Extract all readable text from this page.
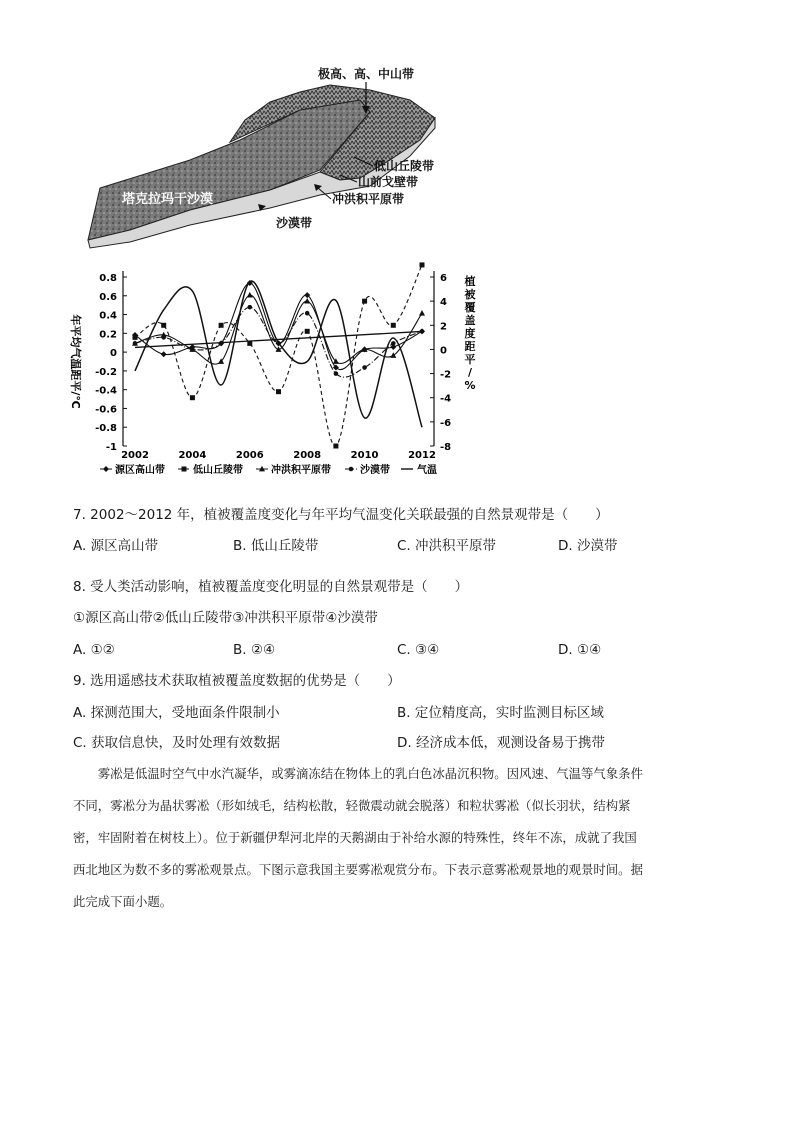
塔克拉玛干沙漠
极高、高、中山带
低山丘陵带
山前戈壁带
冲洪积平原带
沙漠带
0.8
0.6
0.4
0.2
0
-0.2
-0.4
-0.6
-0.8
-1
6
4
2
0
-2
-4
-6
-8
2002	2004	2006	2008	2010	2012
年平均气温距平/℃
植被覆盖度距平/ %
源区高山带	低山丘陵带	冲洪积平原带	沙漠带	气温
7. 2002～2012 年，植被覆盖度变化与年平均气温变化关联最强的自然景观带是（　　）
A. 源区高山带	B. 低山丘陵带	C. 冲洪积平原带	D. 沙漠带
8. 受人类活动影响，植被覆盖度变化明显的自然景观带是（　　）
①源区高山带②低山丘陵带③冲洪积平原带④沙漠带
A. ①②	B. ②④	C. ③④	D. ①④
9. 选用遥感技术获取植被覆盖度数据的优势是（　　）
A. 探测范围大，受地面条件限制小	B. 定位精度高，实时监测目标区域
C. 获取信息快，及时处理有效数据	D. 经济成本低，观测设备易于携带
　　雾凇是低温时空气中水汽凝华，或雾滴冻结在物体上的乳白色冰晶沉积物。因风速、气温等气象条件
不同，雾凇分为晶状雾凇（形如绒毛，结构松散，轻微震动就会脱落）和粒状雾凇（似长羽状，结构紧
密，牢固附着在树枝上）。位于新疆伊犁河北岸的天鹅湖由于补给水源的特殊性，终年不冻，成就了我国
西北地区为数不多的雾凇观景点。下图示意我国主要雾凇观赏分布。下表示意雾凇观景地的观景时间。据
此完成下面小题。
